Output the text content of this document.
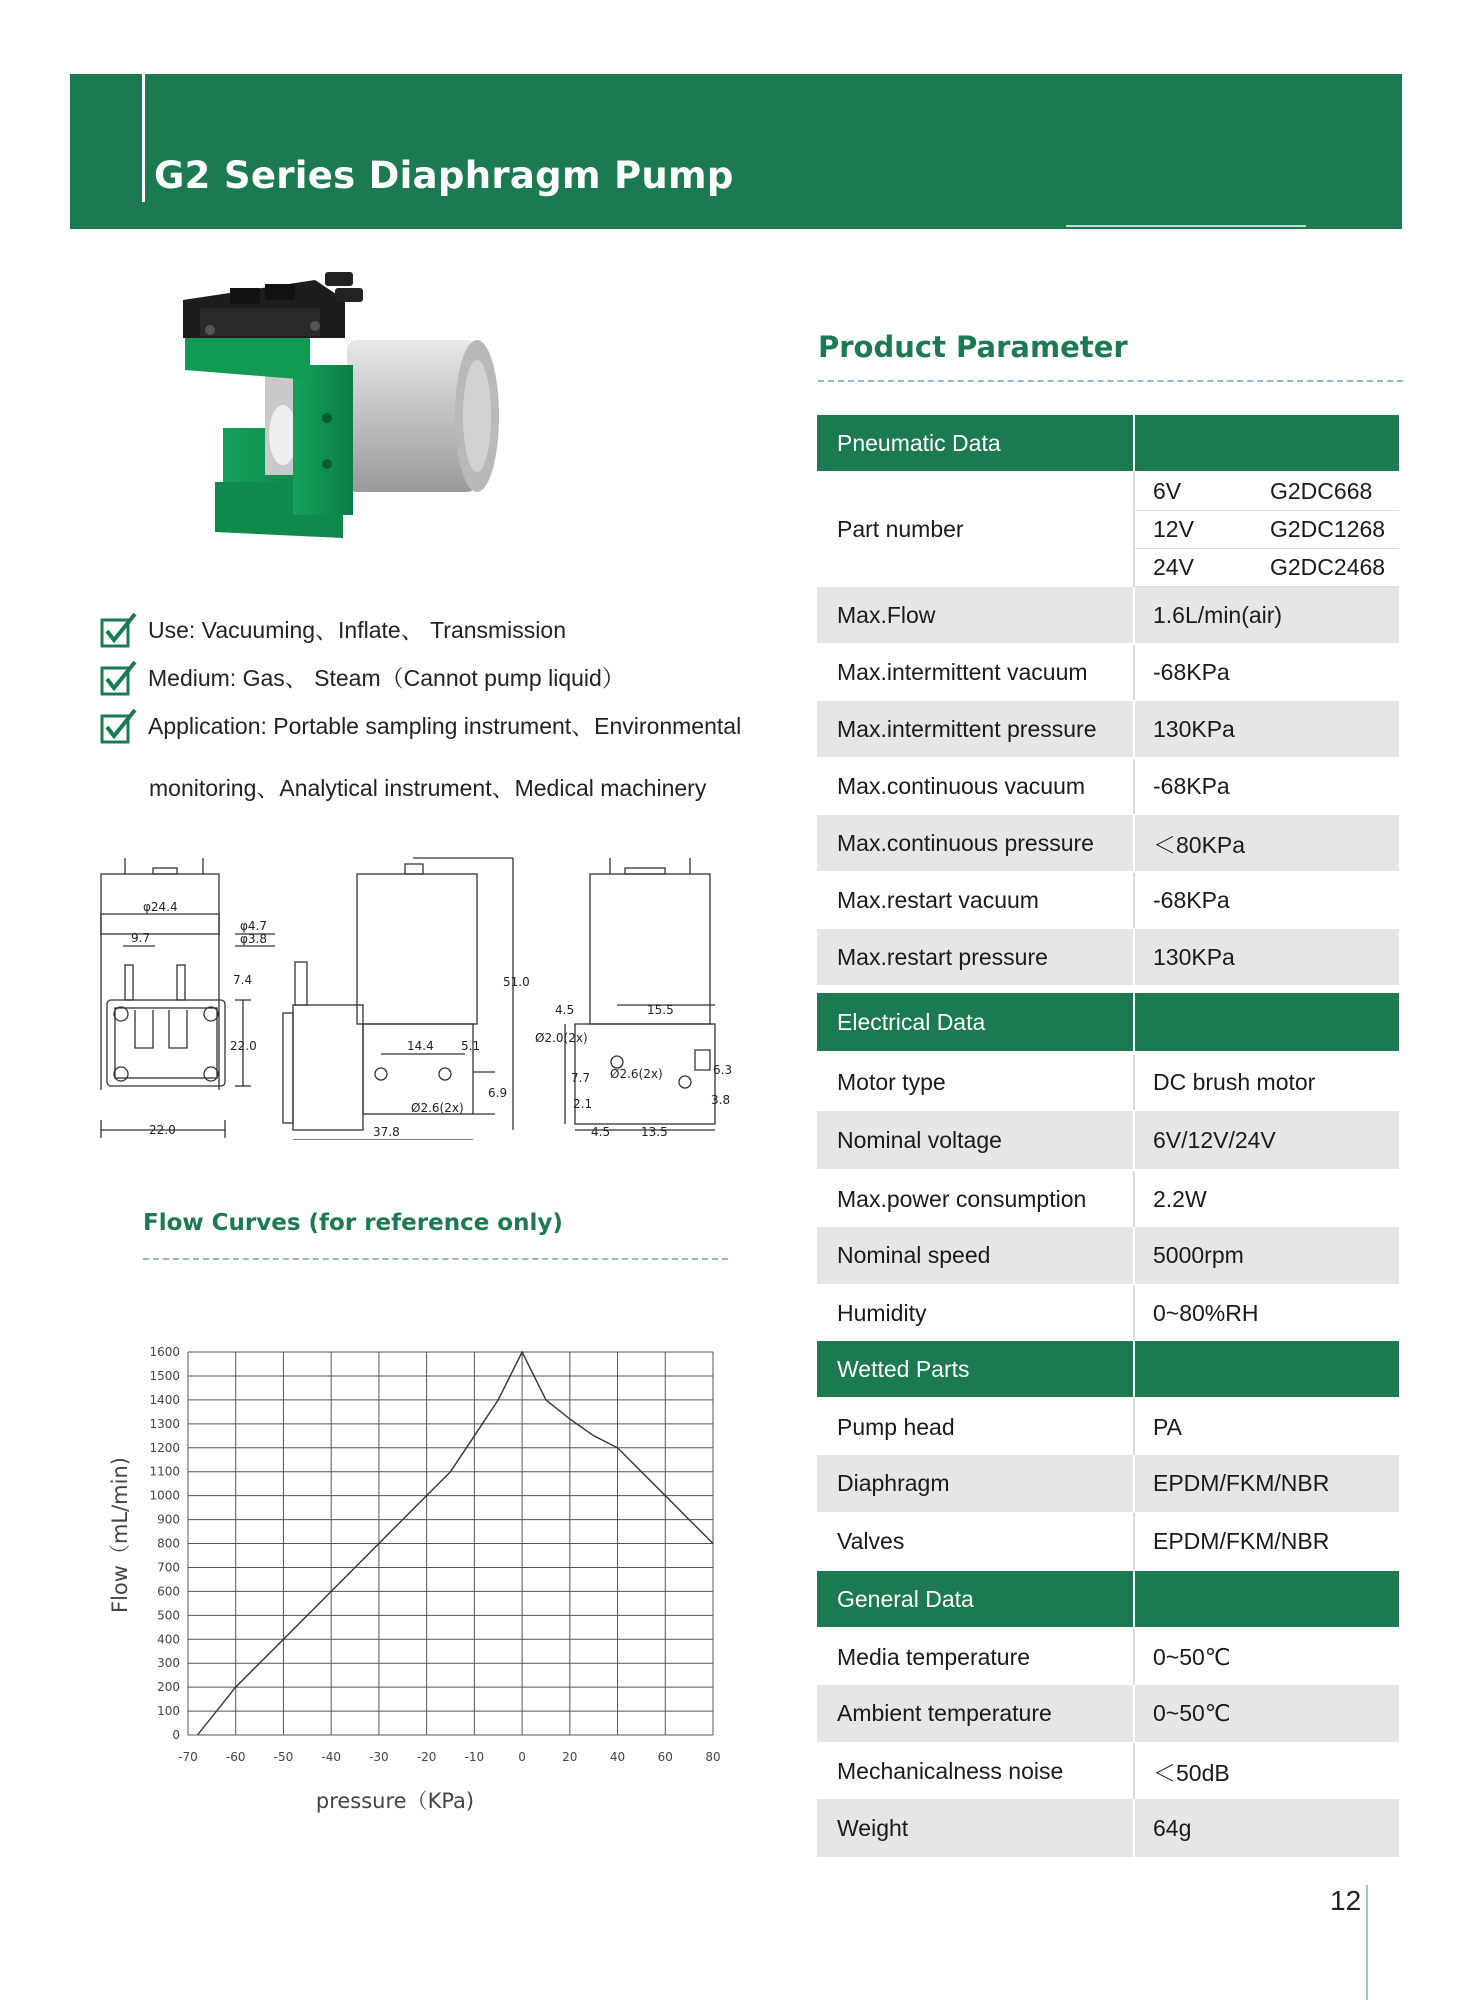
G2 Series Diaphragm Pump
Use: Vacuuming、Inflate、 Transmission
Medium: Gas、 Steam（Cannot pump liquid）
Application: Portable sampling instrument、Environmental
monitoring、Analytical instrument、Medical machinery
φ24.4
9.7
φ4.7
φ3.8
7.4
22.0
22.0
51.0
14.4 5.1
6.9
Ø2.6(2x)
37.8
4.5	15.5
Ø2.0(2x)
Ø2.6(2x)	6.3
7.7
2.1	3.8
4.5	13.5
Flow Curves (for reference only)
0
100
200
300
400
500
600
700
800
900
1000
1100
1200
1300
1400
1500
1600
-70 -60 -50 -40 -30 -20 -10	0	20	40	60	80
Flow（mL/min)
pressure（KPa)
Product Parameter
Pneumatic Data
Part number
6V	G2DC668
12V	G2DC1268
24V	G2DC2468
Max.Flow	1.6L/min(air)
Max.intermittent vacuum	-68KPa
Max.intermittent pressure	130KPa
Max.continuous vacuum	-68KPa
Max.continuous pressure	＜80KPa
Max.restart vacuum	-68KPa
Max.restart pressure	130KPa
Electrical Data
Motor type	DC brush motor
Nominal voltage	6V/12V/24V
Max.power consumption	2.2W
Nominal speed	5000rpm
Humidity	0~80%RH
Wetted Parts
Pump head	PA
Diaphragm	EPDM/FKM/NBR
Valves	EPDM/FKM/NBR
General Data
Media temperature	0~50℃
Ambient temperature	0~50℃
Mechanicalness noise	＜50dB
Weight	64g
12
